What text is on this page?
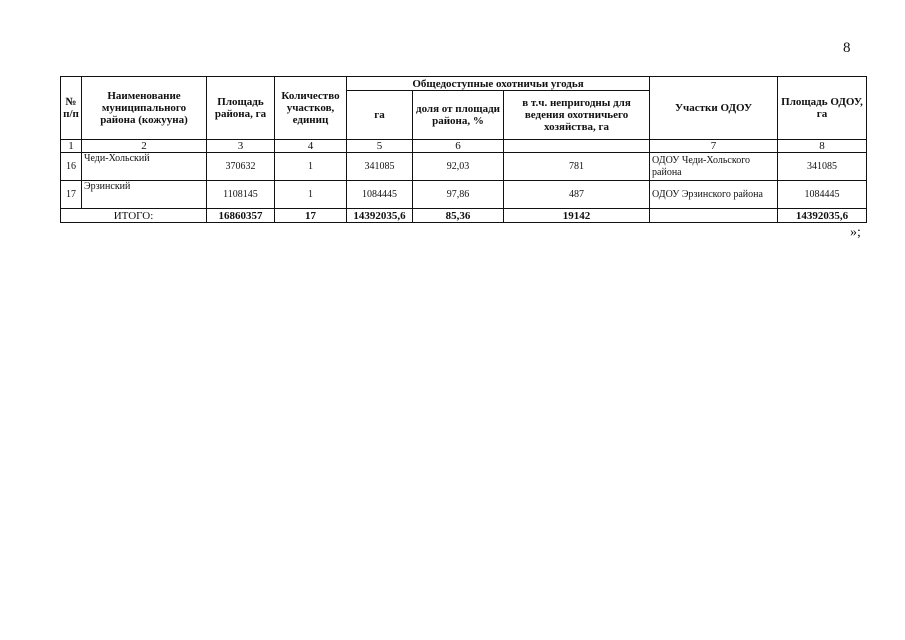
8
№ п/п	Наименование муниципального района (кожууна)	Площадь района, га	Количество участков, единиц	Общедоступные охотничьи угодья			Участки ОДОУ	Площадь ОДОУ, га
				га	доля от площади района, %	в т.ч. непригодны для ведения охотничьего хозяйства, га		
1	2	3	4	5	6		7	8
16	Чеди-Хольский	370632	1	341085	92,03	781	ОДОУ Чеди-Хольского района	341085
17	Эрзинский	1108145	1	1084445	97,86	487	ОДОУ Эрзинского района	1084445
ИТОГО:		16860357	17	14392035,6	85,36	19142		14392035,6
»;
